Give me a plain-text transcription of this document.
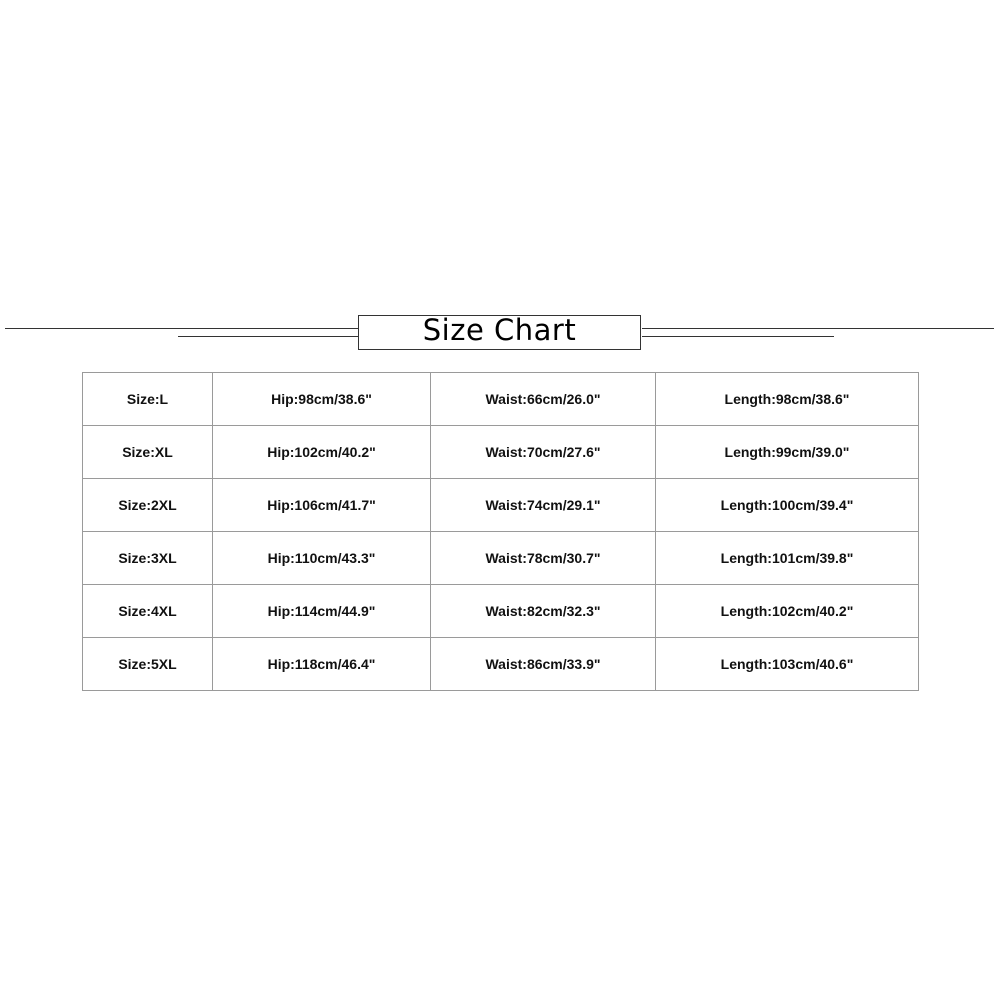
Size Chart
Size:L	Hip:98cm/38.6"	Waist:66cm/26.0"	Length:98cm/38.6"
Size:XL	Hip:102cm/40.2"	Waist:70cm/27.6"	Length:99cm/39.0"
Size:2XL	Hip:106cm/41.7"	Waist:74cm/29.1"	Length:100cm/39.4"
Size:3XL	Hip:110cm/43.3"	Waist:78cm/30.7"	Length:101cm/39.8"
Size:4XL	Hip:114cm/44.9"	Waist:82cm/32.3"	Length:102cm/40.2"
Size:5XL	Hip:118cm/46.4"	Waist:86cm/33.9"	Length:103cm/40.6"
